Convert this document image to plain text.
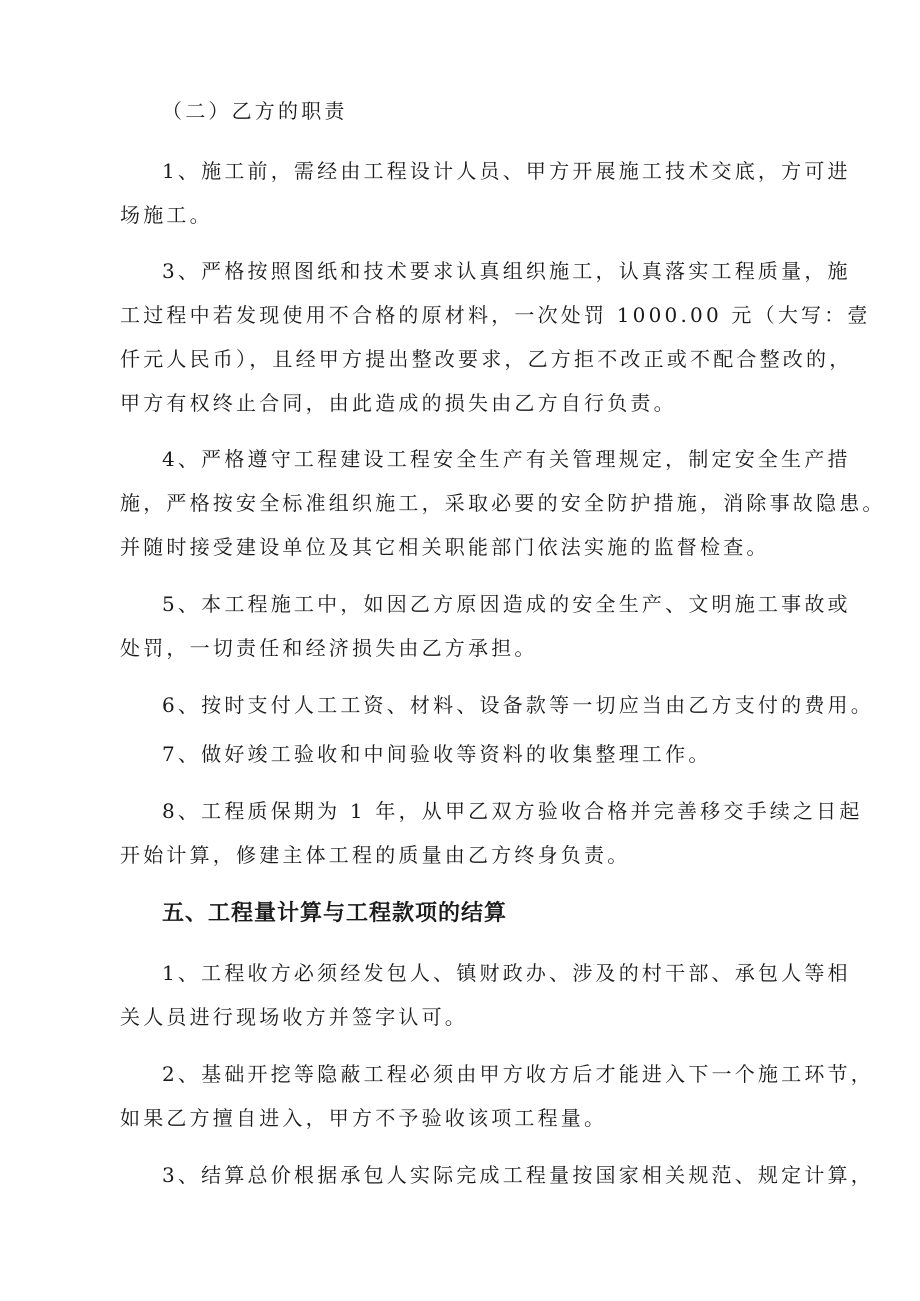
（二）乙方的职责
1、施工前，需经由工程设计人员、甲方开展施工技术交底，方可进
场施工。
3、严格按照图纸和技术要求认真组织施工，认真落实工程质量，施
工过程中若发现使用不合格的原材料，一次处罚 1000.00 元（大写：壹
仟元人民币），且经甲方提出整改要求，乙方拒不改正或不配合整改的，
甲方有权终止合同，由此造成的损失由乙方自行负责。
4、严格遵守工程建设工程安全生产有关管理规定，制定安全生产措
施，严格按安全标准组织施工，采取必要的安全防护措施，消除事故隐患。
并随时接受建设单位及其它相关职能部门依法实施的监督检查。
5、本工程施工中，如因乙方原因造成的安全生产、文明施工事故或
处罚，一切责任和经济损失由乙方承担。
6、按时支付人工工资、材料、设备款等一切应当由乙方支付的费用。
7、做好竣工验收和中间验收等资料的收集整理工作。
8、工程质保期为 1 年，从甲乙双方验收合格并完善移交手续之日起
开始计算，修建主体工程的质量由乙方终身负责。
五、工程量计算与工程款项的结算
1、工程收方必须经发包人、镇财政办、涉及的村干部、承包人等相
关人员进行现场收方并签字认可。
2、基础开挖等隐蔽工程必须由甲方收方后才能进入下一个施工环节，
如果乙方擅自进入，甲方不予验收该项工程量。
3、结算总价根据承包人实际完成工程量按国家相关规范、规定计算，
